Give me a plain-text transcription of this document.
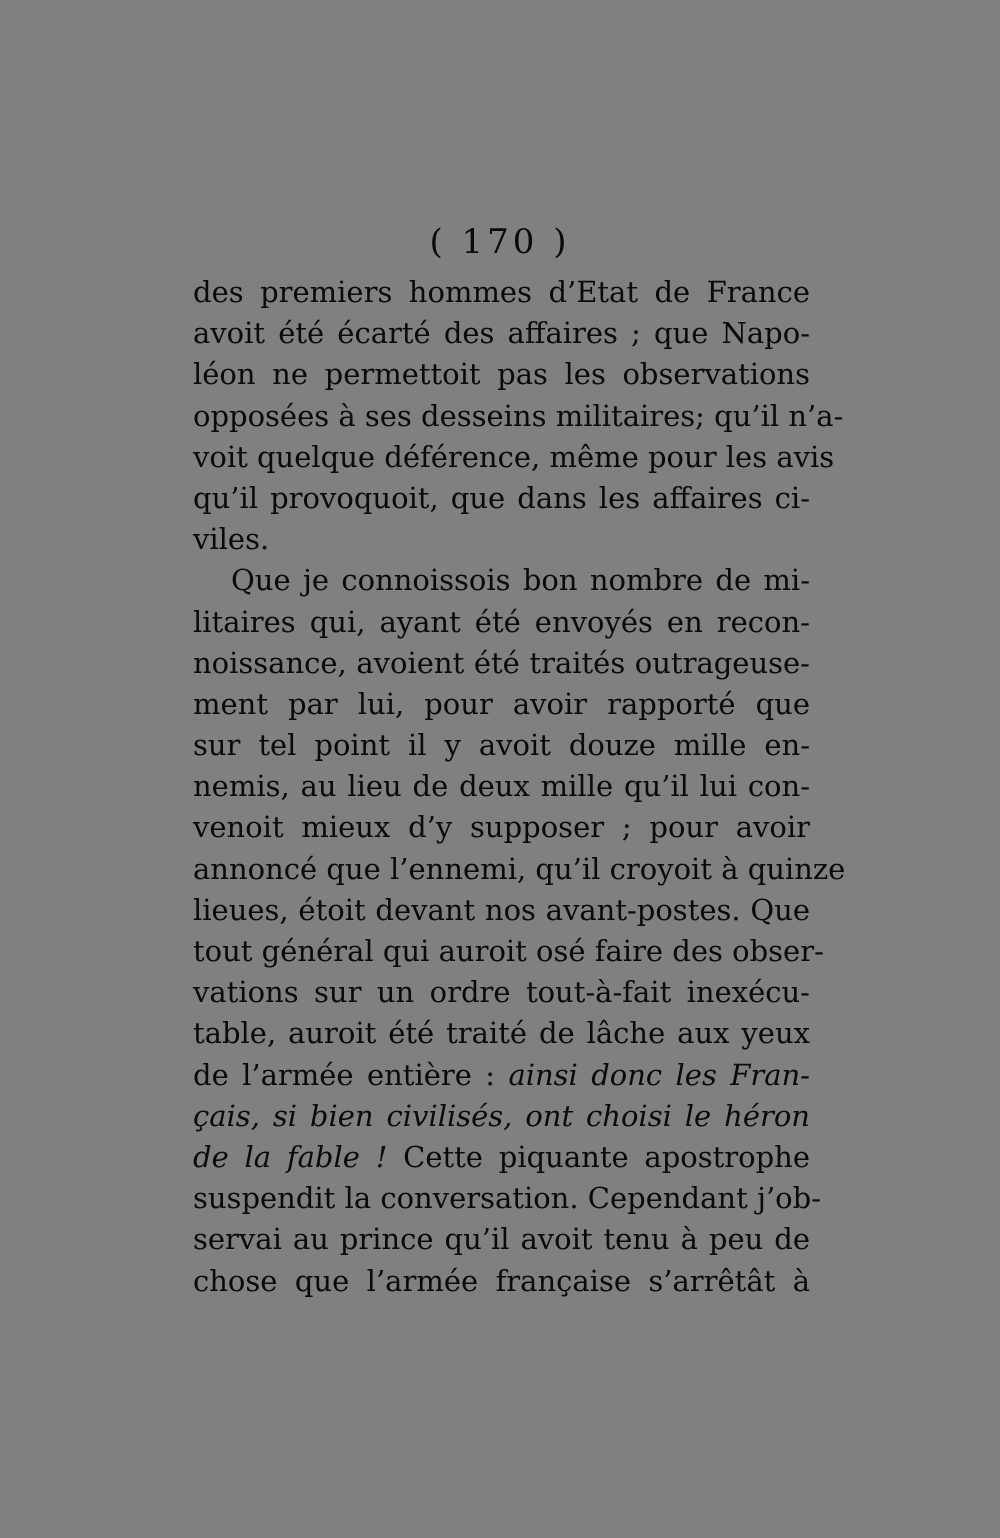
( 170 )
des premiers hommes d’Etat de France
avoit été écarté des affaires ; que Napo-
léon ne permettoit pas les observations
opposées à ses desseins militaires; qu’il n’a-
voit quelque déférence, même pour les avis
qu’il provoquoit, que dans les affaires ci-
viles.
Que je connoissois bon nombre de mi-
litaires qui, ayant été envoyés en recon-
noissance, avoient été traités outrageuse-
ment par lui, pour avoir rapporté que
sur tel point il y avoit douze mille en-
nemis, au lieu de deux mille qu’il lui con-
venoit mieux d’y supposer ; pour avoir
annoncé que l’ennemi, qu’il croyoit à quinze
lieues, étoit devant nos avant-postes. Que
tout général qui auroit osé faire des obser-
vations sur un ordre tout-à-fait inexécu-
table, auroit été traité de lâche aux yeux
de l’armée entière : ainsi donc les Fran-
çais, si bien civilisés, ont choisi le héron
de la fable ! Cette piquante apostrophe
suspendit la conversation. Cependant j’ob-
servai au prince qu’il avoit tenu à peu de
chose que l’armée française s’arrêtât à
